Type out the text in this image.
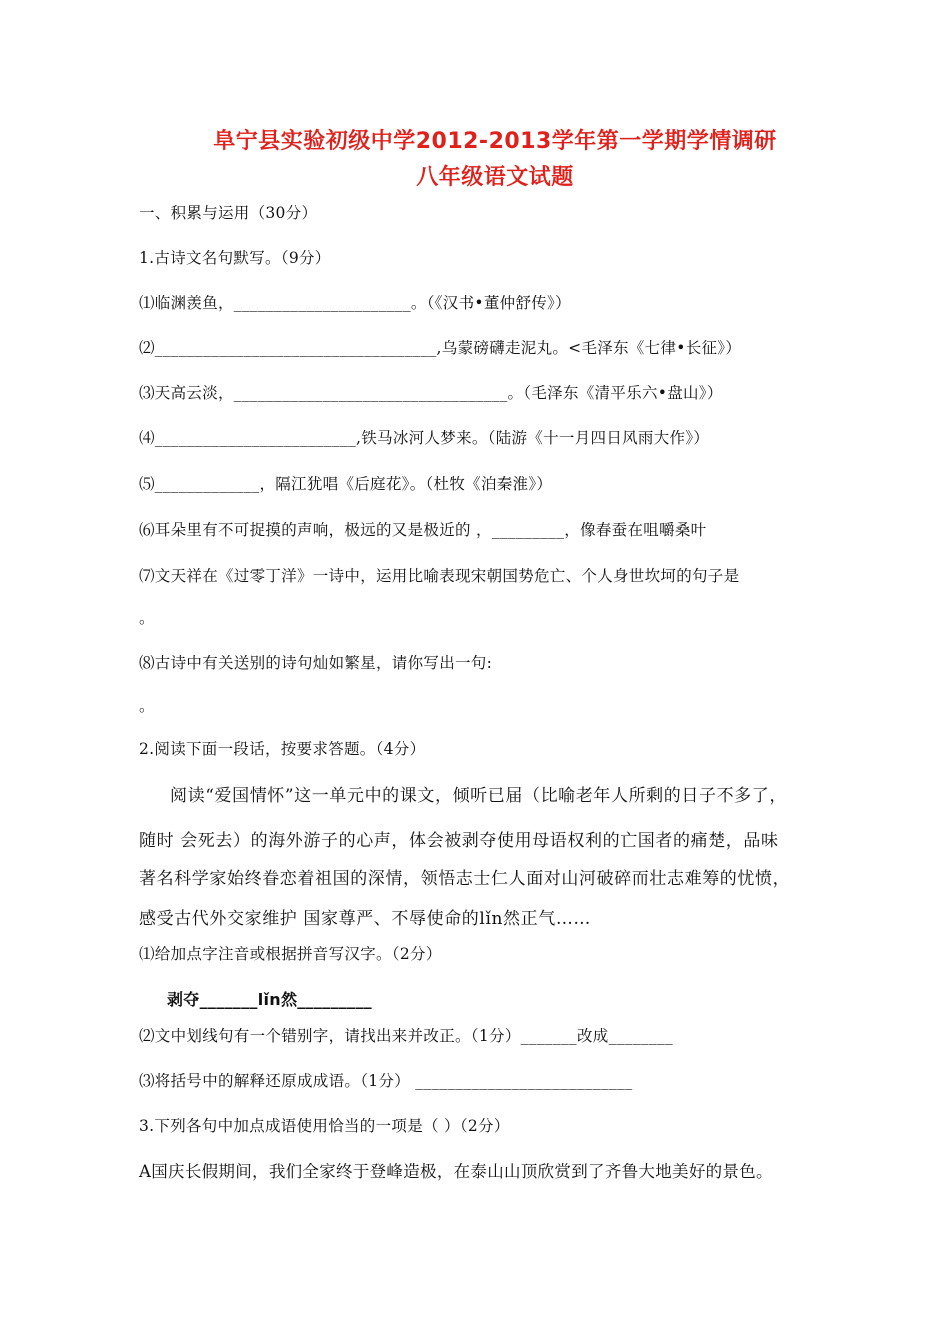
阜宁县实验初级中学2012-2013学年第一学期学情调研
八年级语文试题
一、积累与运用（30分）
1.古诗文名句默写。（9分）
⑴临渊羡鱼，______________________。（《汉书•董仲舒传》）
⑵___________________________________,乌蒙磅礴走泥丸。<毛泽东《七律•长征》）
⑶天高云淡，__________________________________。（毛泽东《清平乐六•盘山》）
⑷_________________________,铁马冰河人梦来。（陆游《十一月四日风雨大作》）
⑸_____________，隔江犹唱《后庭花》。（杜牧《泊秦淮》）
⑹耳朵里有不可捉摸的声响，极远的又是极近的 ，_________，像春蚕在咀嚼桑叶
⑺文天祥在《过零丁洋》一诗中，运用比喻表现宋朝国势危亡、个人身世坎坷的句子是
。
⑻古诗中有关送别的诗句灿如繁星，请你写出一句:
。
2.阅读下面一段话，按要求答题。（4分）
阅读“爱国情怀”这一单元中的课文，倾听已届（比喻老年人所剩的日子不多了，
随时 会死去）的海外游子的心声，体会被剥夺使用母语权利的亡国者的痛楚，品味
著名科学家始终眷恋着祖国的深情，领悟志士仁人面对山河破碎而壮志难筹的忧愤，
感受古代外交家维护 国家尊严、不辱使命的lǐn然正气……
⑴给加点字注音或根据拼音写汉字。（2分）
剥夺_______lǐn然_________
⑵文中划线句有一个错别字，请找出来并改正。（1分）_______改成________
⑶将括号中的解释还原成成语。（1分） ___________________________
3.下列各句中加点成语使用恰当的一项是（ ）（2分）
A国庆长假期间，我们全家终于登峰造极，在泰山山顶欣赏到了齐鲁大地美好的景色。
